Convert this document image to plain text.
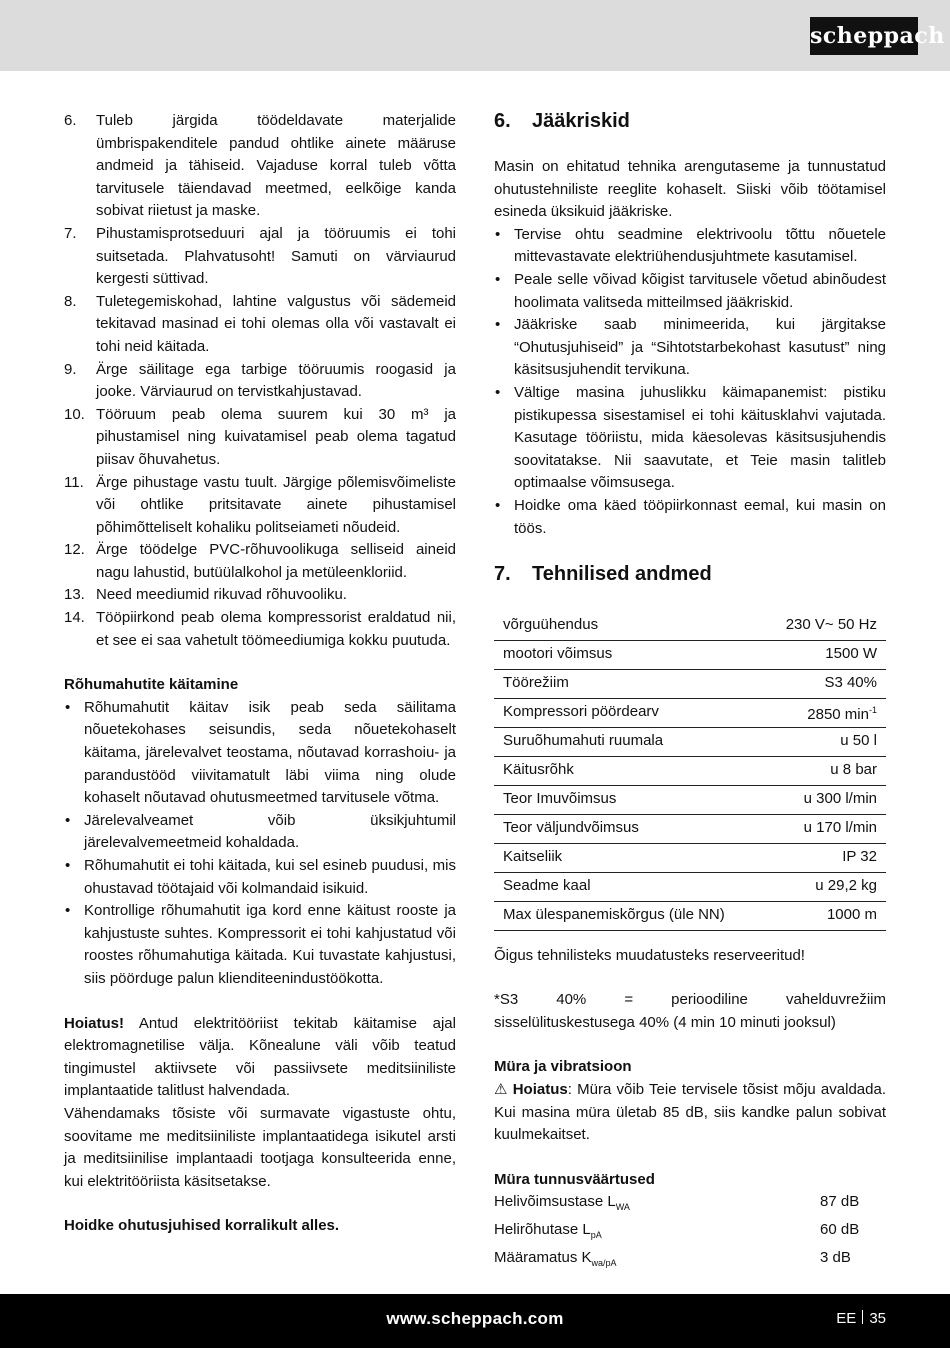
scheppach
6.	Tuleb järgida töödeldavate materjalide ümbrispakenditele pandud ohtlike ainete määruse andmeid ja tähiseid. Vajaduse korral tuleb võtta tarvitusele täiendavad meetmed, eelkõige kanda sobivat riietust ja maske.
7.	Pihustamisprotseduuri ajal ja tööruumis ei tohi suitsetada. Plahvatusoht! Samuti on värviaurud kergesti süttivad.
8.	Tuletegemiskohad, lahtine valgustus või sädemeid tekitavad masinad ei tohi olemas olla või vastavalt ei tohi neid käitada.
9.	Ärge säilitage ega tarbige tööruumis roogasid ja jooke. Värviaurud on tervistkahjustavad.
10. Tööruum peab olema suurem kui 30 m³ ja pihustamisel ning kuivatamisel peab olema tagatud piisav õhuvahetus.
11. Ärge pihustage vastu tuult. Järgige põlemisvõimeliste või ohtlike pritsitavate ainete pihustamisel põhimõtteliselt kohaliku politseiameti nõudeid.
12. Ärge töödelge PVC-rõhuvoolikuga selliseid aineid nagu lahustid, butüülalkohol ja metüleenkloriid.
13. Need meediumid rikuvad rõhuvooliku.
14. Tööpiirkond peab olema kompressorist eraldatud nii, et see ei saa vahetult töömeediumiga kokku puutuda.
Rõhumahutite käitamine
• Rõhumahutit käitav isik peab seda säilitama nõuetekohases seisundis, seda nõuetekohaselt käitama, järelevalvet teostama, nõutavad korrashoiu- ja parandustööd viivitamatult läbi viima ning olude kohaselt nõutavad ohutusmeetmed tarvitusele võtma.
• Järelevalveamet võib üksikjuhtumil järelevalvemeetmeid kohaldada.
• Rõhumahutit ei tohi käitada, kui sel esineb puudusi, mis ohustavad töötajaid või kolmandaid isikuid.
• Kontrollige rõhumahutit iga kord enne käitust rooste ja kahjustuste suhtes. Kompressorit ei tohi kahjustatud või roostes rõhumahutiga käitada. Kui tuvastate kahjustusi, siis pöörduge palun klienditeenindustöökotta.

Hoiatus! Antud elektritööriist tekitab käitamise ajal elektromagnetilise välja. Kõnealune väli võib teatud tingimustel aktiivsete või passiivsete meditsiiniliste implantaatide talitlust halvendada.

Vähendamaks tõsiste või surmavate vigastuste ohtu, soovitame me meditsiiniliste implantaatidega isikutel arsti ja meditsiinilise implantaadi tootjaga konsulteerida enne, kui elektritööriista käsitsetakse.

Hoidke ohutusjuhised korralikult alles.

6.	Jääkriskid

Masin on ehitatud tehnika arengutaseme ja tunnustatud ohutustehniliste reeglite kohaselt. Siiski võib töötamisel esineda üksikuid jääkriske.

• Tervise ohtu seadmine elektrivoolu tõttu nõuetele mittevastavate elektriühendusjuhtmete kasutamisel.
• Peale selle võivad kõigist tarvitusele võetud abinõudest hoolimata valitseda mitteilmsed jääkriskid.
• Jääkriske saab minimeerida, kui järgitakse “Ohutusjuhiseid” ja “Sihtotstarbekohast kasutust” ning käsitsusjuhendit tervikuna.
• Vältige masina juhuslikku käimapanemist: pistiku pistikupessa sisestamisel ei tohi käitusklahvi vajutada. Kasutage tööriistu, mida käesolevas käsitsusjuhendis soovitatakse. Nii saavutate, et Teie masin talitleb optimaalse võimsusega.
• Hoidke oma käed tööpiirkonnast eemal, kui masin on töös.
7.	Tehnilised andmed
võrguühendus	230 V~ 50 Hz
mootori võimsus	1500 W
Töörežiim	S3 40%
Kompressori pöördearv	2850 $\min^{-1}$
Suruõhumahuti ruumala	u 50 l
Käitusrõhk	u 8 bar
Teor Imuvõimsus	u 300 l/min
Teor väljundvõimsus	u 170 l/min
Kaitseliik	IP 32
Seadme kaal	u 29,2 kg
Max ülespanemiskõrgus (üle NN)	1000 m

Õigus tehnilisteks muudatusteks reserveeritud!

*S3 40% = perioodiline vahelduvrežiim sisselülituskestusega 40% (4 min 10 minuti jooksul)

Müra ja vibratsioon

⚠ Hoiatus: Müra võib Teie tervisele tõsist mõju avaldada. Kui masina müra ületab 85 dB, siis kandke palun sobivat kuulmekaitset.

Müra tunnusväärtused

Helivõimsustase $L_{WA}$	87 dB
Helirõhutase $L_{pA}$	60 dB
Määramatus $K_{wa/pA}$	3 dB
www.scheppach.com	EE 35
